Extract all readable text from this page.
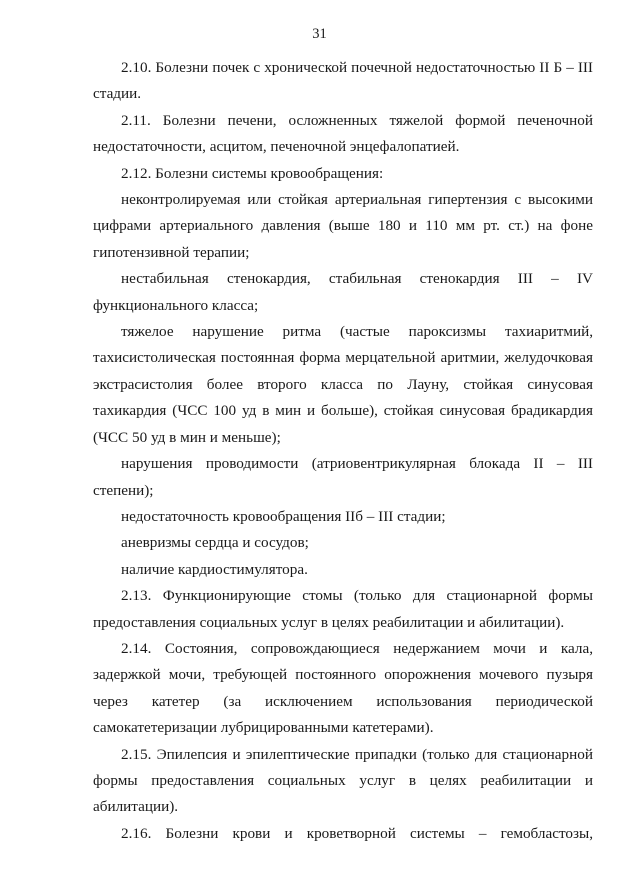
31

2.10. Болезни почек с хронической почечной недостаточностью II Б – III стадии.

2.11. Болезни печени, осложненных тяжелой формой печеночной недостаточности, асцитом, печеночной энцефалопатией.

2.12. Болезни системы кровообращения:

неконтролируемая или стойкая артериальная гипертензия с высокими цифрами артериального давления (выше 180 и 110 мм рт. ст.) на фоне гипотензивной терапии;

нестабильная стенокардия, стабильная стенокардия III – IV функционального класса;

тяжелое нарушение ритма (частые пароксизмы тахиаритмий, тахисистолическая постоянная форма мерцательной аритмии, желудочковая экстрасистолия более второго класса по Лауну, стойкая синусовая тахикардия (ЧСС 100 уд в мин и больше), стойкая синусовая брадикардия (ЧСС 50 уд в мин и меньше);

нарушения проводимости (атриовентрикулярная блокада II – III степени);

недостаточность кровообращения IIб – III стадии;

аневризмы сердца и сосудов;

наличие кардиостимулятора.

2.13. Функционирующие стомы (только для стационарной формы предоставления социальных услуг в целях реабилитации и абилитации).

2.14. Состояния, сопровождающиеся недержанием мочи и кала, задержкой мочи, требующей постоянного опорожнения мочевого пузыря через катетер (за исключением использования периодической самокатетеризации лубрицированными катетерами).

2.15. Эпилепсия и эпилептические припадки (только для стационарной формы предоставления социальных услуг в целях реабилитации и абилитации).

2.16. Болезни крови и кроветворной системы – гемобластозы,
